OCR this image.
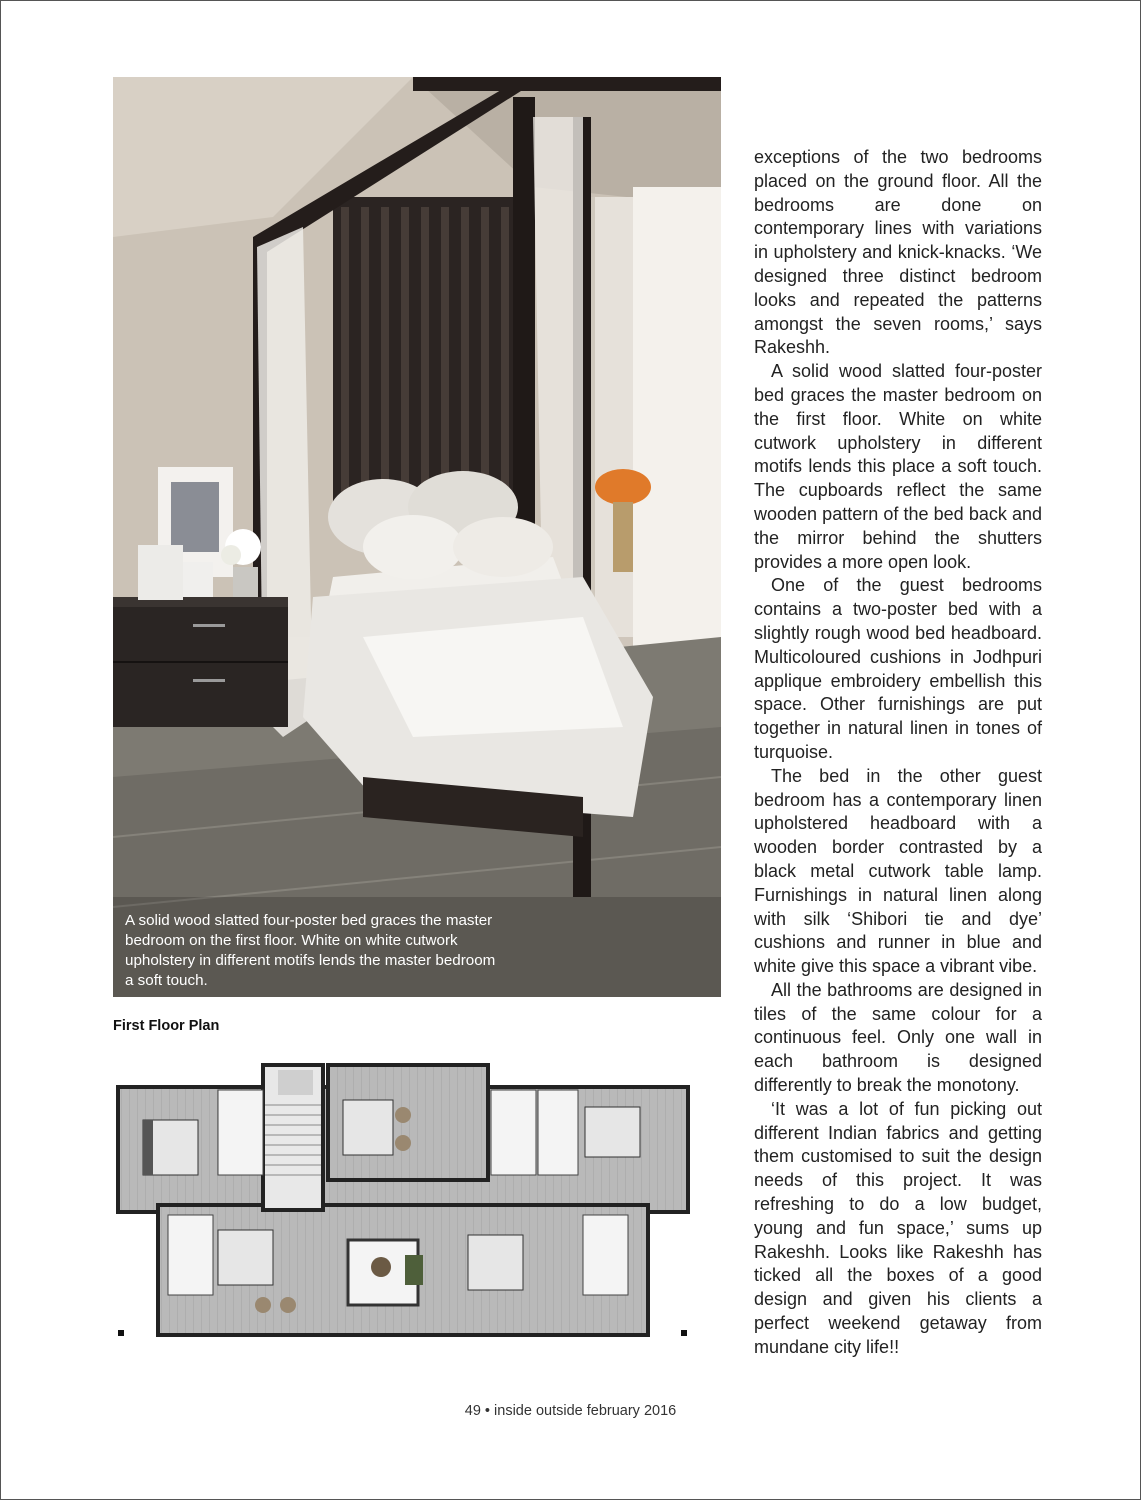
A solid wood slatted four-poster bed graces the master bedroom on the first floor. White on white cutwork upholstery in different motifs lends the master bedroom a soft touch.
First Floor Plan

exceptions of the two bedrooms placed on the ground floor. All the bedrooms are done on contemporary lines with variations in upholstery and knick-knacks. ‘We designed three distinct bedroom looks and repeated the patterns amongst the seven rooms,’ says Rakeshh.

A solid wood slatted four-poster bed graces the master bedroom on the first floor. White on white cutwork upholstery in different motifs lends this place a soft touch. The cupboards reflect the same wooden pattern of the bed back and the mirror behind the shutters provides a more open look.

One of the guest bedrooms contains a two-poster bed with a slightly rough wood bed headboard. Multicoloured cushions in Jodhpuri applique embroidery embellish this space. Other furnishings are put together in natural linen in tones of turquoise.

The bed in the other guest bedroom has a contemporary linen upholstered headboard with a wooden border contrasted by a black metal cutwork table lamp. Furnishings in natural linen along with silk ‘Shibori tie and dye’ cushions and runner in blue and white give this space a vibrant vibe.

All the bathrooms are designed in tiles of the same colour for a continuous feel. Only one wall in each bathroom is designed differently to break the monotony.

‘It was a lot of fun picking out different Indian fabrics and getting them customised to suit the design needs of this project. It was refreshing to do a low budget, young and fun space,’ sums up Rakeshh. Looks like Rakeshh has ticked all the boxes of a good design and given his clients a perfect weekend getaway from mundane city life!!

49 • inside outside february 2016
